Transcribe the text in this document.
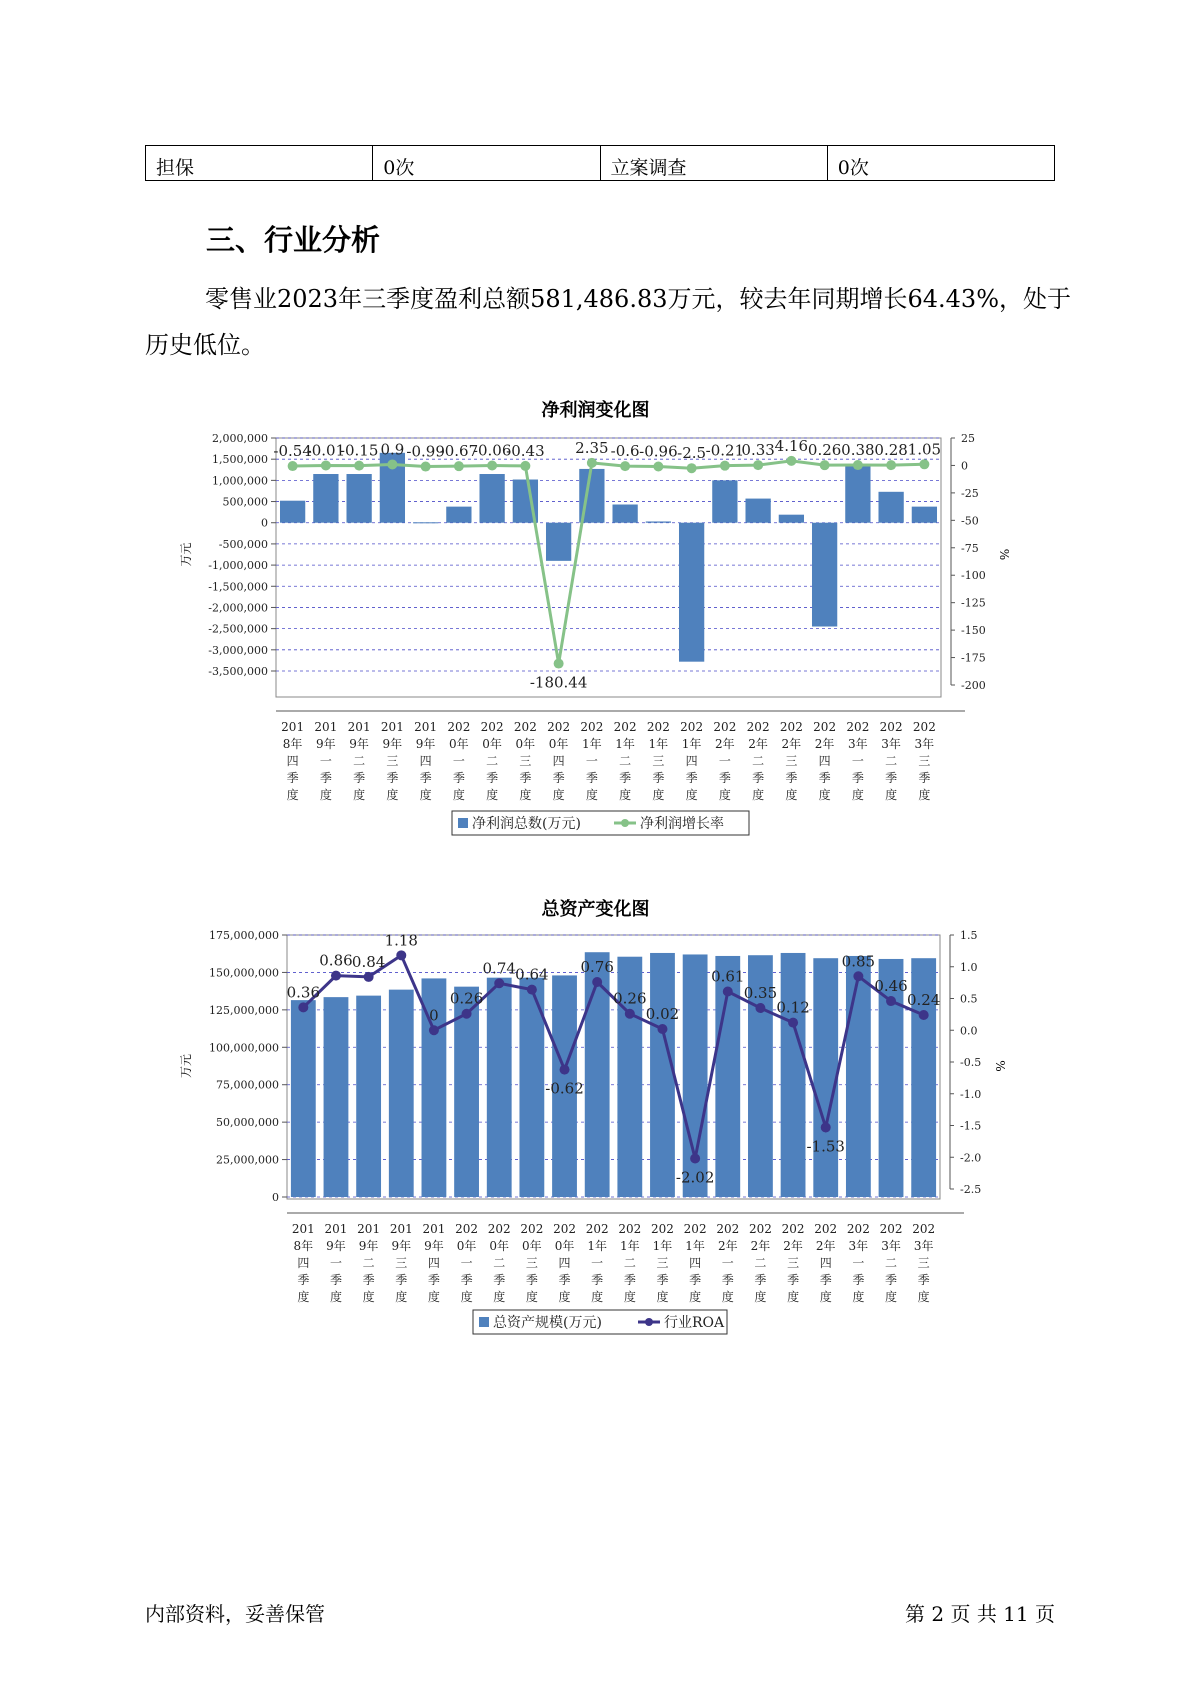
担保	0次	立案调查	0次
三、行业分析

零售业2023年三季度盈利总额581,486.83万元，较去年同期增长64.43%，处于历史低位。

净利润变化图
2,000,000
1,500,000
1,000,000
500,000
0
-500,000
-1,000,000
-1,500,000
-2,000,000
-2,500,000
-3,000,000
-3,500,000
25
0
-25
-50
-75
-100
-125
-150
-175
-200
万元	%
-0.54
-0.01
-0.15 0.9 -0.99
-0.67
-0.06
-0.43
-180.44
2.35 -0.6 -0.96 -2.5 -0.21
0.33 4.16 0.26 0.38 0.28 1.05
201
8年
四
季
度
201
9年
一
季
度
201
9年
二
季
度
201
9年
三
季
度
201
9年
四
季
度
202
0年
一
季
度
202
0年
二
季
度
202
0年
三
季
度
202
0年
四
季
度
202
1年
一
季
度
202
1年
二
季
度
202
1年
三
季
度
202
1年
四
季
度
202
2年
一
季
度
202
2年
二
季
度
202
2年
三
季
度
202
2年
四
季
度
202
3年
一
季
度
202
3年
二
季
度
202
3年
三
季
度
净利润总数(万元)	净利润增长率
总资产变化图
175,000,000
150,000,000
125,000,000
100,000,000
75,000,000
50,000,000
25,000,000
0
1.5
1.0
0.5
0.0
-0.5
-1.0
-1.5
-2.0
-2.5
万元	%
0.36
0.86 0.84
1.18
0
0.26
0.74 0.64
-0.62
0.76
0.26
0.02
-2.02
0.61
0.35
0.12
-1.53
0.85
0.46
0.24
201
8年
四
季
度
201
9年
一
季
度
201
9年
二
季
度
201
9年
三
季
度
201
9年
四
季
度
202
0年
一
季
度
202
0年
二
季
度
202
0年
三
季
度
202
0年
四
季
度
202
1年
一
季
度
202
1年
二
季
度
202
1年
三
季
度
202
1年
四
季
度
202
2年
一
季
度
202
2年
二
季
度
202
2年
三
季
度
202
2年
四
季
度
202
3年
一
季
度
202
3年
二
季
度
202
3年
三
季
度
总资产规模(万元)	行业ROA
内部资料，妥善保管	第 2 页 共 11 页
